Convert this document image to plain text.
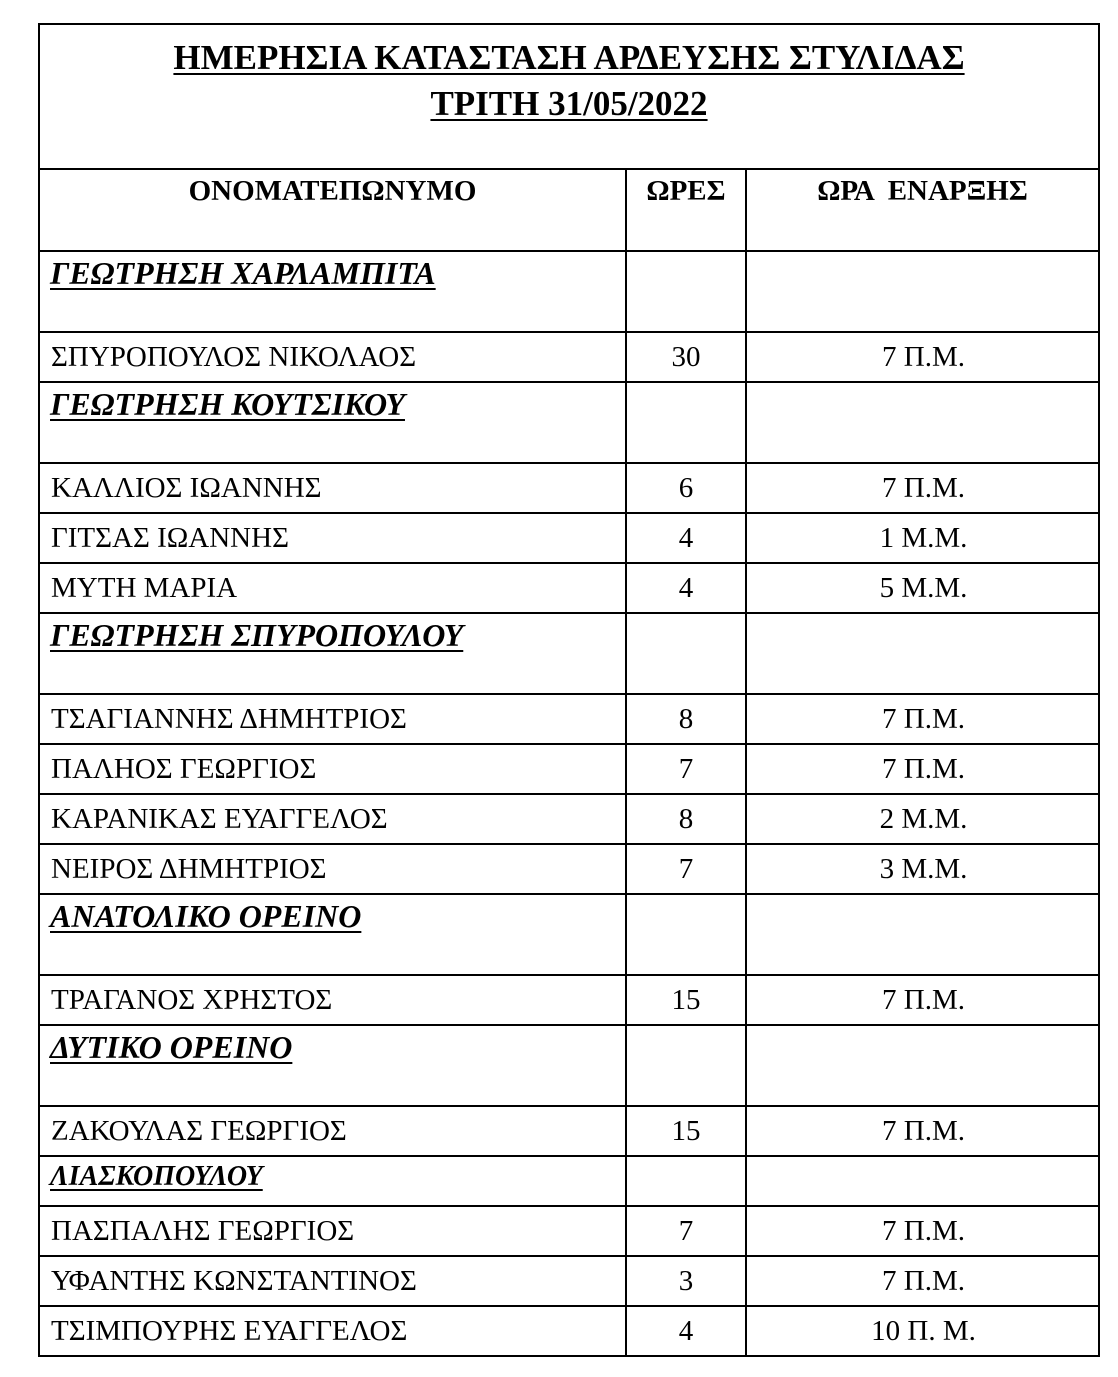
ΗΜΕΡΗΣΙΑ ΚΑΤΑΣΤΑΣΗ ΑΡΔΕΥΣΗΣ ΣΤΥΛΙΔΑΣ
ΤΡΙΤΗ 31/05/2022		

ΟΝΟΜΑΤΕΠΩΝΥΜΟ	ΩΡΕΣ	ΩΡΑ  ΕΝΑΡΞΗΣ
ΓΕΩΤΡΗΣΗ ΧΑΡΛΑΜΠΙΤΑ		
ΣΠΥΡΟΠΟΥΛΟΣ ΝΙΚΟΛΑΟΣ	30	7 Π.Μ.
ΓΕΩΤΡΗΣΗ ΚΟΥΤΣΙΚΟΥ		
ΚΑΛΛΙΟΣ ΙΩΑΝΝΗΣ	6	7 Π.Μ.
ΓΙΤΣΑΣ ΙΩΑΝΝΗΣ	4	1 Μ.Μ.
ΜΥΤΗ ΜΑΡΙΑ	4	5 Μ.Μ.
ΓΕΩΤΡΗΣΗ ΣΠΥΡΟΠΟΥΛΟΥ		
ΤΣΑΓΙΑΝΝΗΣ ΔΗΜΗΤΡΙΟΣ	8	7 Π.Μ.
ΠΑΛΗΟΣ ΓΕΩΡΓΙΟΣ	7	7 Π.Μ.
ΚΑΡΑΝΙΚΑΣ ΕΥΑΓΓΕΛΟΣ	8	2 Μ.Μ.
ΝΕΙΡΟΣ ΔΗΜΗΤΡΙΟΣ	7	3 Μ.Μ.
ΑΝΑΤΟΛΙΚΟ ΟΡΕΙΝΟ		
ΤΡΑΓΑΝΟΣ ΧΡΗΣΤΟΣ	15	7 Π.Μ.
ΔΥΤΙΚΟ ΟΡΕΙΝΟ		
ΖΑΚΟΥΛΑΣ ΓΕΩΡΓΙΟΣ	15	7 Π.Μ.
ΛΙΑΣΚΟΠΟΥΛΟΥ		
ΠΑΣΠΑΛΗΣ ΓΕΩΡΓΙΟΣ	7	7 Π.Μ.
ΥΦΑΝΤΗΣ ΚΩΝΣΤΑΝΤΙΝΟΣ	3	7 Π.Μ.
ΤΣΙΜΠΟΥΡΗΣ ΕΥΑΓΓΕΛΟΣ	4	10 Π. Μ.
